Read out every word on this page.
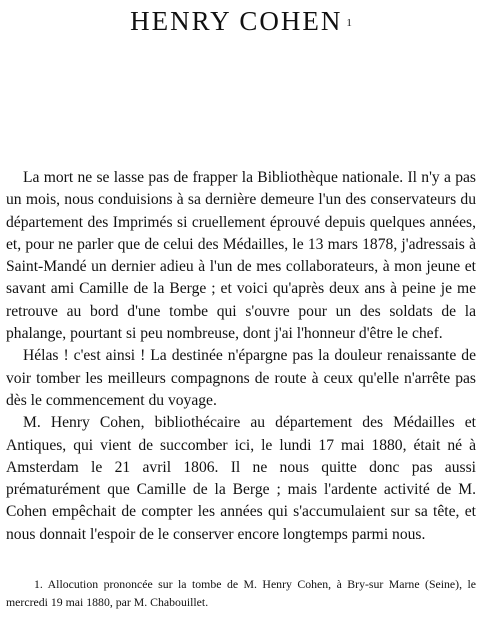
HENRY COHEN $^1$

La mort ne se lasse pas de frapper la Bibliothèque nationale. Il n'y a pas un mois, nous conduisions à sa dernière demeure l'un des conservateurs du département des Imprimés si cruellement éprouvé depuis quelques années, et, pour ne parler que de celui des Médailles, le 13 mars 1878, j'adressais à Saint-Mandé un dernier adieu à l'un de mes collaborateurs, à mon jeune et savant ami Camille de la Berge ; et voici qu'après deux ans à peine je me retrouve au bord d'une tombe qui s'ouvre pour un des soldats de la phalange, pourtant si peu nombreuse, dont j'ai l'honneur d'être le chef.

Hélas ! c'est ainsi ! La destinée n'épargne pas la douleur renaissante de voir tomber les meilleurs compagnons de route à ceux qu'elle n'arrête pas dès le commencement du voyage.

M. Henry Cohen, bibliothécaire au département des Médailles et Antiques, qui vient de succomber ici, le lundi 17 mai 1880, était né à Amsterdam le 21 avril 1806. Il ne nous quitte donc pas aussi prématurément que Camille de la Berge ; mais l'ardente activité de M. Cohen empêchait de compter les années qui s'accumulaient sur sa tête, et nous donnait l'espoir de le conserver encore longtemps parmi nous.

1. Allocution prononcée sur la tombe de M. Henry Cohen, à Bry-sur Marne (Seine), le mercredi 19 mai 1880, par M. Chabouillet.
